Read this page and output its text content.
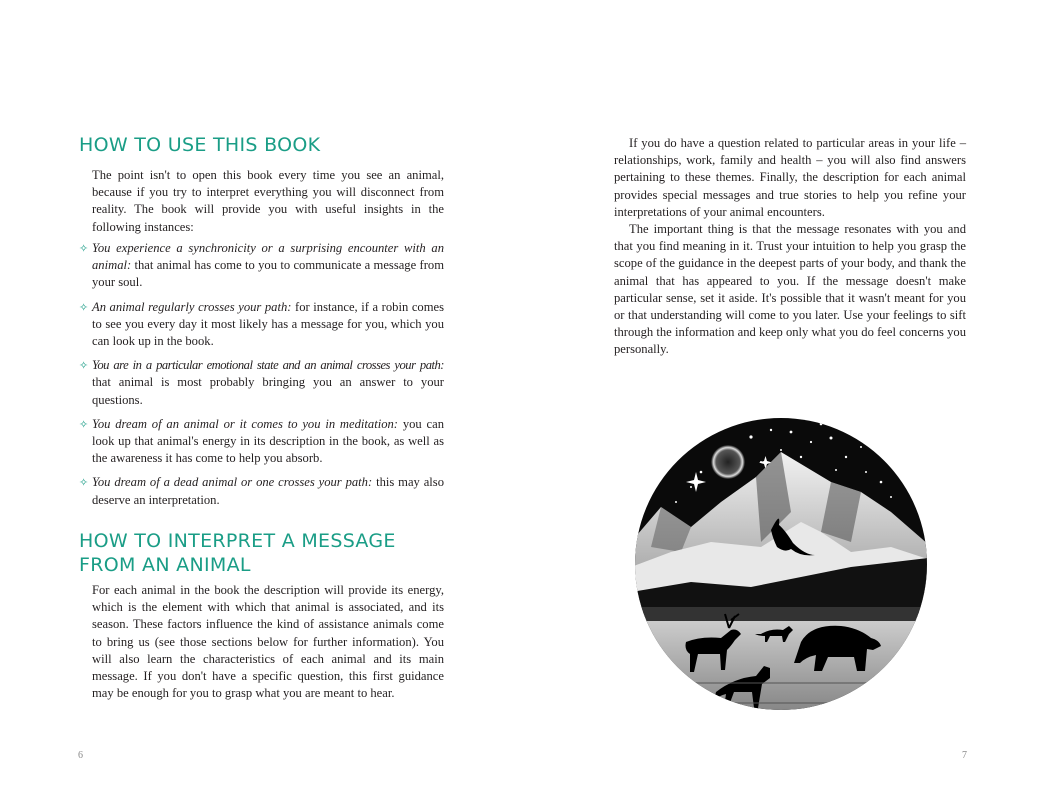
HOW TO USE THIS BOOK

The point isn't to open this book every time you see an animal, because if you try to interpret everything you will disconnect from reality. The book will provide you with useful insights in the following instances:

✧ You experience a synchronicity or a surprising encounter with an animal: that animal has come to you to communicate a message from your soul.
✧ An animal regularly crosses your path: for instance, if a robin comes to see you every day it most likely has a message for you, which you can look up in the book.
✧ You are in a particular emotional state and an animal crosses your path: that animal is most probably bringing you an answer to your questions.
✧ You dream of an animal or it comes to you in meditation: you can look up that animal's energy in its description in the book, as well as the awareness it has come to help you absorb.
✧ You dream of a dead animal or one crosses your path: this may also deserve an interpretation.
HOW TO INTERPRET A MESSAGE
FROM AN ANIMAL

For each animal in the book the description will provide its energy, which is the element with which that animal is associated, and its season. These factors influence the kind of assistance animals come to bring us (see those sections below for further information). You will also learn the characteristics of each animal and its main message. If you don't have a specific question, this first guidance may be enough for you to grasp what you are meant to hear.

6

If you do have a question related to particular areas in your life – relationships, work, family and health – you will also find answers pertaining to these themes. Finally, the description for each animal provides special messages and true stories to help you refine your interpretations of your animal encounters.

The important thing is that the message resonates with you and that you find meaning in it. Trust your intuition to help you grasp the scope of the guidance in the deepest parts of your body, and thank the animal that has appeared to you. If the message doesn't make particular sense, set it aside. It's possible that it wasn't meant for you or that understanding will come to you later. Use your feelings to sift through the information and keep only what you do feel concerns you personally.

7
